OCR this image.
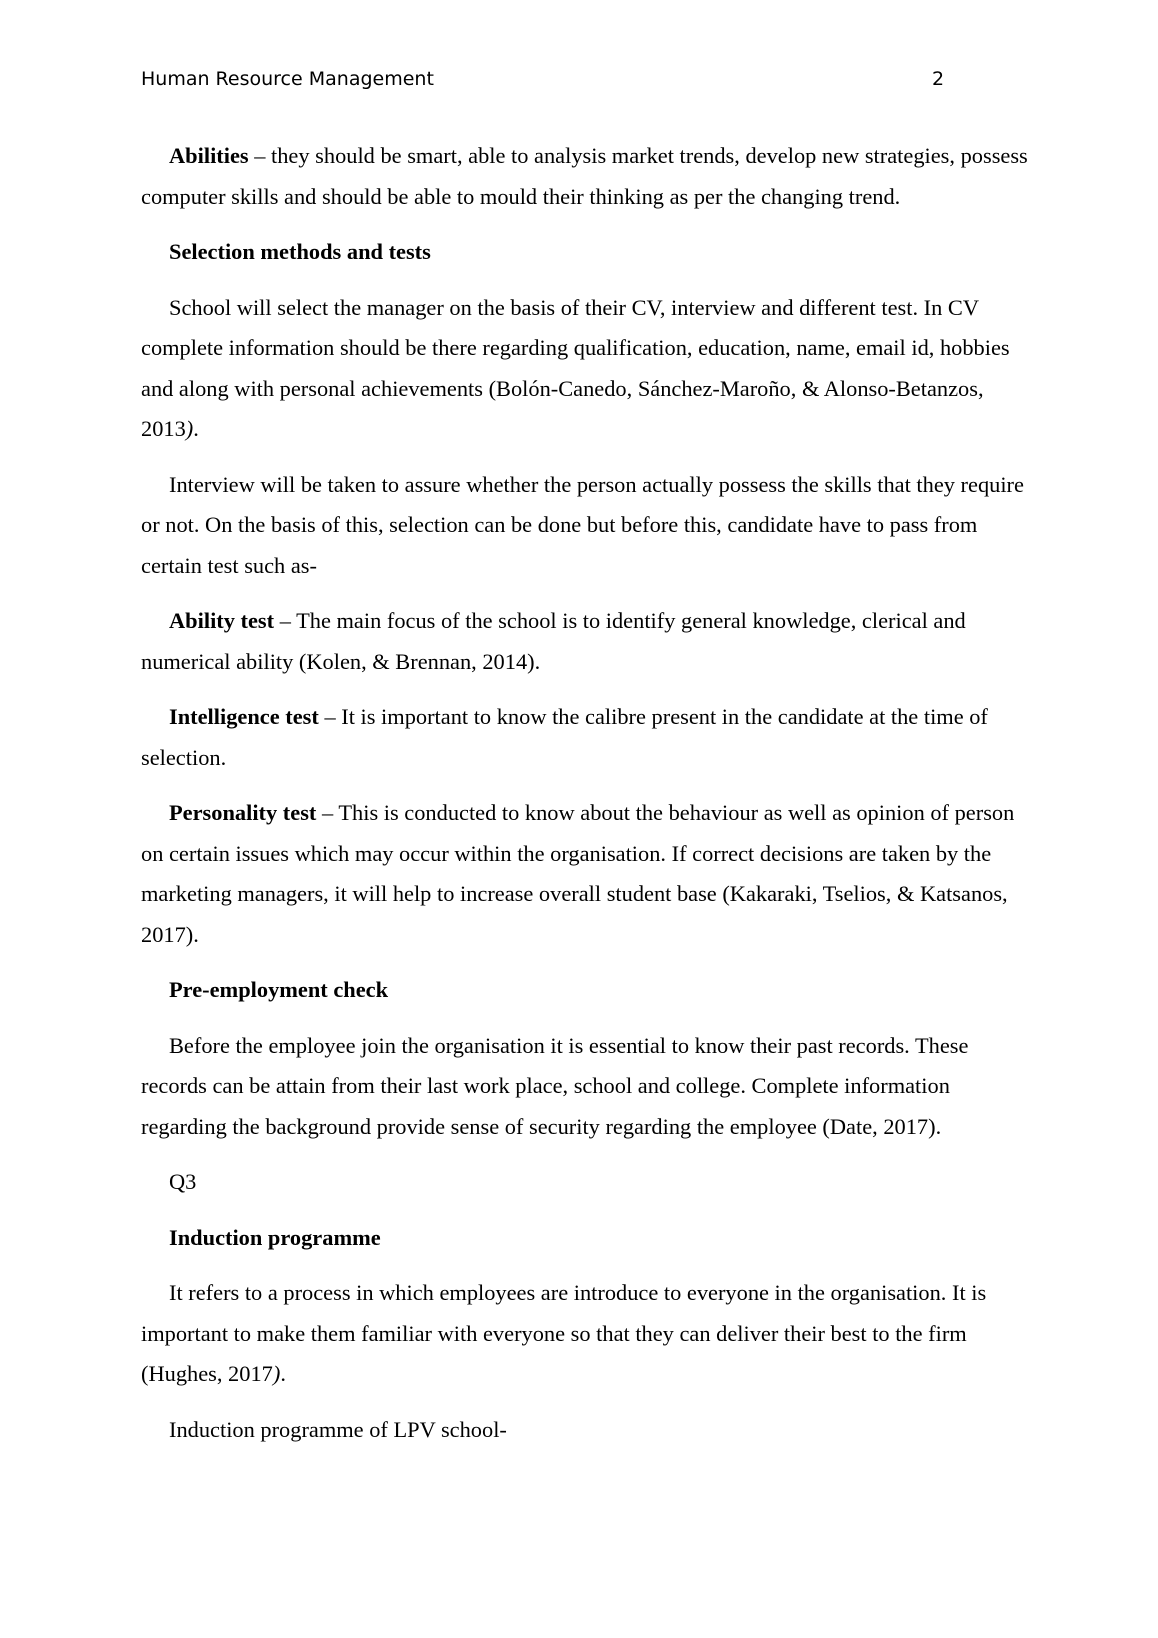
Human Resource Management	2

Abilities – they should be smart, able to analysis market trends, develop new strategies, possess computer skills and should be able to mould their thinking as per the changing trend.

Selection methods and tests

School will select the manager on the basis of their CV, interview and different test. In CV complete information should be there regarding qualification, education, name, email id, hobbies and along with personal achievements (Bolón-Canedo, Sánchez-Maroño, & Alonso-Betanzos, 2013).

Interview will be taken to assure whether the person actually possess the skills that they require or not. On the basis of this, selection can be done but before this, candidate have to pass from certain test such as-

Ability test – The main focus of the school is to identify general knowledge, clerical and numerical ability (Kolen, & Brennan, 2014).

Intelligence test – It is important to know the calibre present in the candidate at the time of selection.

Personality test – This is conducted to know about the behaviour as well as opinion of person on certain issues which may occur within the organisation. If correct decisions are taken by the marketing managers, it will help to increase overall student base (Kakaraki, Tselios, & Katsanos, 2017).

Pre-employment check

Before the employee join the organisation it is essential to know their past records. These records can be attain from their last work place, school and college. Complete information regarding the background provide sense of security regarding the employee (Date, 2017).

Q3

Induction programme

It refers to a process in which employees are introduce to everyone in the organisation. It is important to make them familiar with everyone so that they can deliver their best to the firm (Hughes, 2017).

Induction programme of LPV school-
